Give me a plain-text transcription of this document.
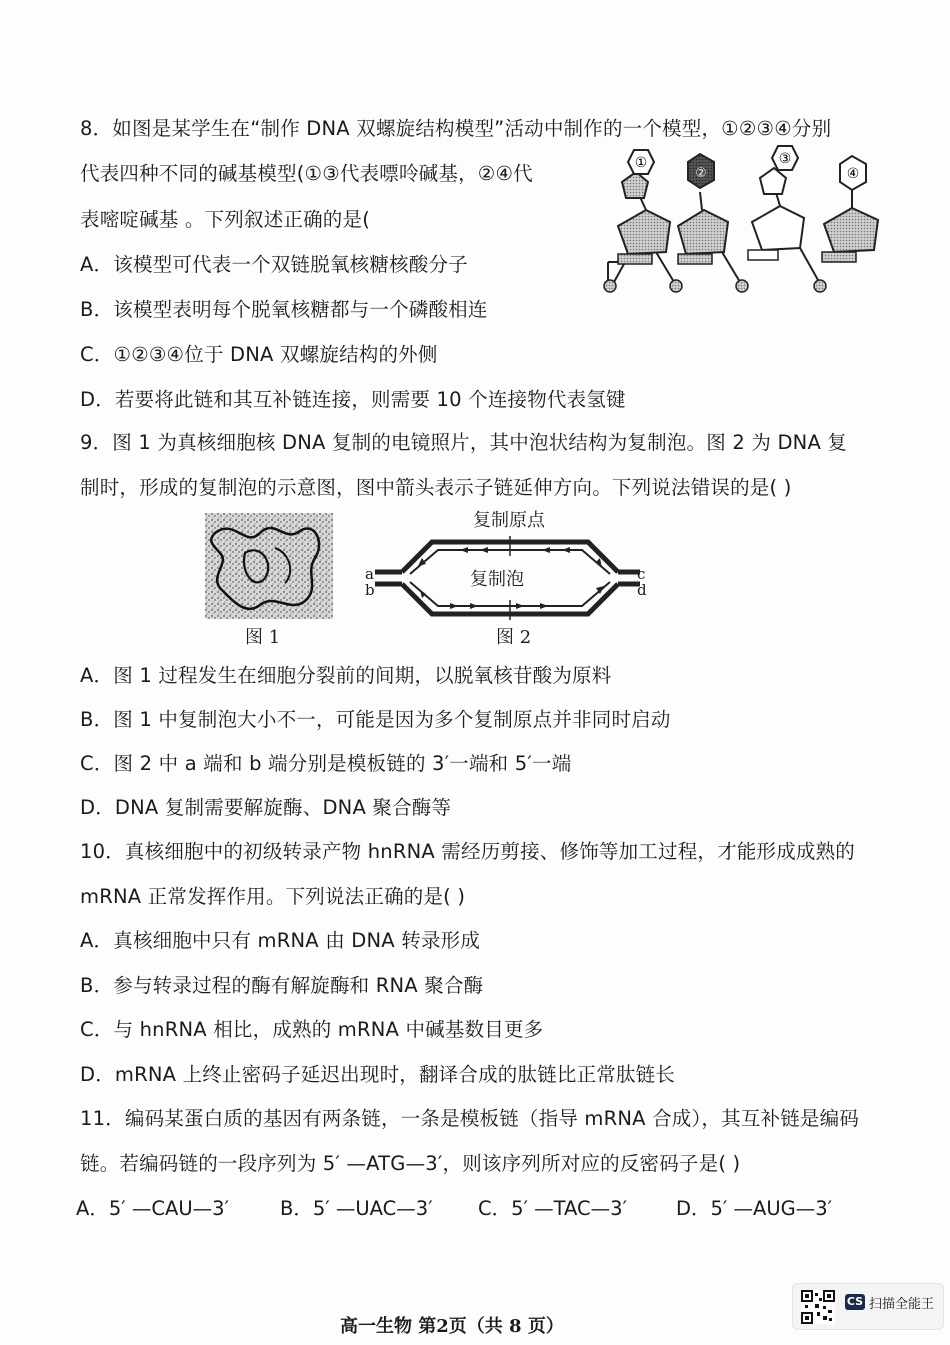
8．如图是某学生在“制作 DNA 双螺旋结构模型”活动中制作的一个模型，①②③④分别
代表四种不同的碱基模型(①③代表嘌呤碱基，②④代
表嘧啶碱基 。下列叙述正确的是(
A．该模型可代表一个双链脱氧核糖核酸分子
B．该模型表明每个脱氧核糖都与一个磷酸相连
C．①②③④位于 DNA 双螺旋结构的外侧
D．若要将此链和其互补链连接，则需要 10 个连接物代表氢键
①
②
③
④
9．图 1 为真核细胞核 DNA 复制的电镜照片，其中泡状结构为复制泡。图 2 为 DNA 复
制时，形成的复制泡的示意图，图中箭头表示子链延伸方向。下列说法错误的是( )
图 1
复制原点
复制泡
a
b
c
d
图 2
A．图 1 过程发生在细胞分裂前的间期，以脱氧核苷酸为原料
B．图 1 中复制泡大小不一，可能是因为多个复制原点并非同时启动
C．图 2 中 a 端和 b 端分别是模板链的 3′一端和 5′一端
D．DNA 复制需要解旋酶、DNA 聚合酶等
10．真核细胞中的初级转录产物 hnRNA 需经历剪接、修饰等加工过程，才能形成成熟的
mRNA 正常发挥作用。下列说法正确的是( )
A．真核细胞中只有 mRNA 由 DNA 转录形成
B．参与转录过程的酶有解旋酶和 RNA 聚合酶
C．与 hnRNA 相比，成熟的 mRNA 中碱基数目更多
D．mRNA 上终止密码子延迟出现时，翻译合成的肽链比正常肽链长
11．编码某蛋白质的基因有两条链，一条是模板链（指导 mRNA 合成），其互补链是编码
链。若编码链的一段序列为 5′ —ATG—3′，则该序列所对应的反密码子是( )
A．5′ —CAU—3′	B．5′ —UAC—3′ C．5′ —TAC—3′	D．5′ —AUG—3′
高一生物 第2页（共 8 页）
CS 扫描全能王
